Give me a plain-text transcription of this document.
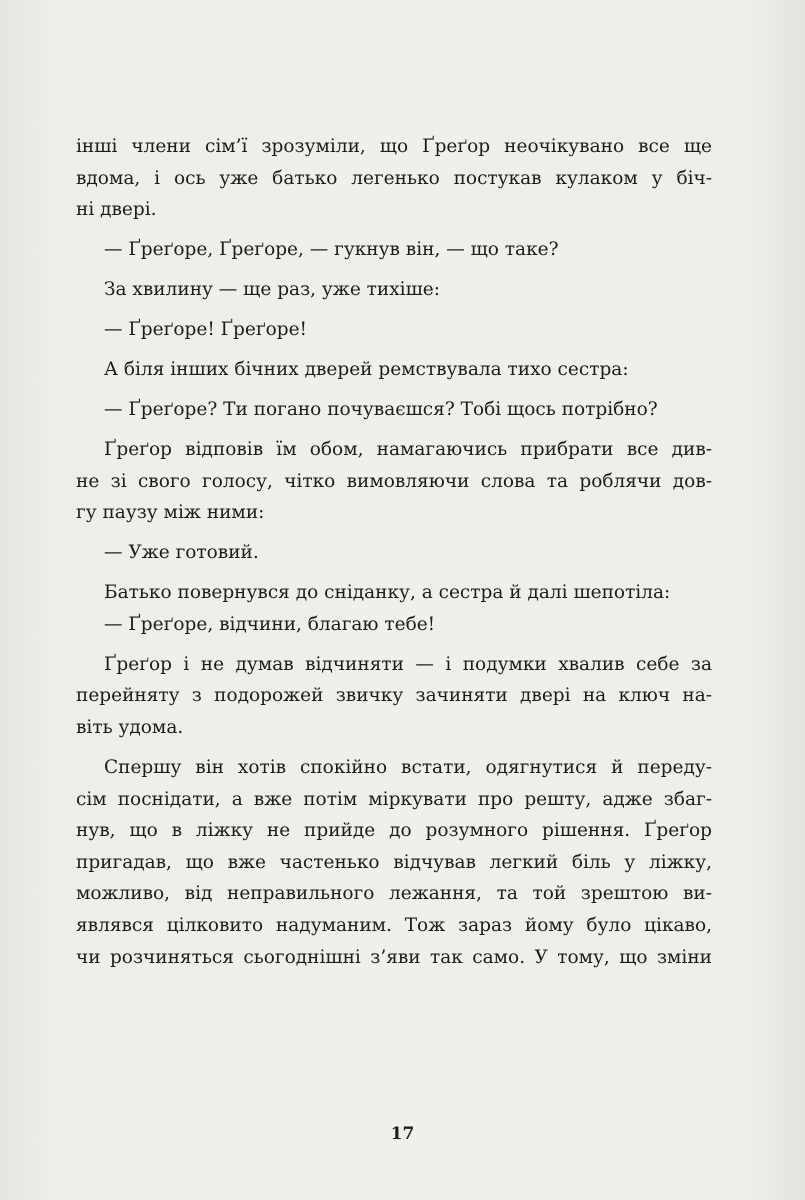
інші члени сім’ї зрозуміли, що Ґреґор неочікувано все ще
вдома, і ось уже батько легенько постукав кулаком у біч-
ні двері.
— Ґреґоре, Ґреґоре, — гукнув він, — що таке?
За хвилину — ще раз, уже тихіше:
— Ґреґоре! Ґреґоре!
А біля інших бічних дверей ремствувала тихо сестра:
— Ґреґоре? Ти погано почуваєшся? Тобі щось потрібно?
Ґреґор відповів їм обом, намагаючись прибрати все див-
не зі свого голосу, чітко вимовляючи слова та роблячи дов-
гу паузу між ними:
— Уже готовий.
Батько повернувся до сніданку, а сестра й далі шепотіла:
— Ґреґоре, відчини, благаю тебе!
Ґреґор і не думав відчиняти — і подумки хвалив себе за
перейняту з подорожей звичку зачиняти двері на ключ на-
віть удома.
Спершу він хотів спокійно встати, одягнутися й переду-
сім поснідати, а вже потім міркувати про решту, адже збаг-
нув, що в ліжку не прийде до розумного рішення. Ґреґор
пригадав, що вже частенько відчував легкий біль у ліжку,
можливо, від неправильного лежання, та той зрештою ви-
являвся цілковито надуманим. Тож зараз йому було цікаво,
чи розчиняться сьогоднішні з’яви так само. У тому, що зміни
17
